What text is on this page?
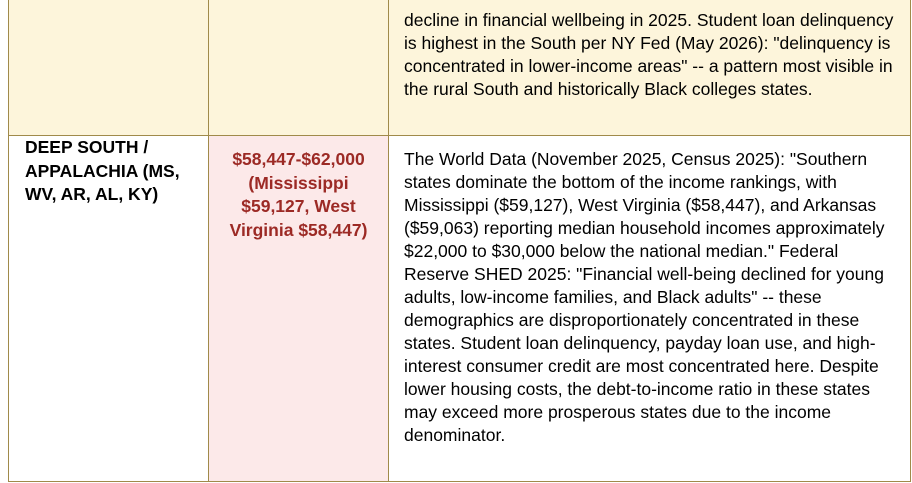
decline in financial wellbeing in 2025. Student loan delinquency is highest in the South per NY Fed (May 2026): "delinquency is concentrated in lower-income areas" -- a pattern most visible in the rural South and historically Black colleges states.

DEEP SOUTH / APPALACHIA (MS, WV, AR, AL, KY)
$58,447-$62,000 (Mississippi $59,127, West Virginia $58,447)

The World Data (November 2025, Census 2025): "Southern states dominate the bottom of the income rankings, with Mississippi ($59,127), West Virginia ($58,447), and Arkansas ($59,063) reporting median household incomes approximately $22,000 to $30,000 below the national median." Federal Reserve SHED 2025: "Financial well-being declined for young adults, low-income families, and Black adults" -- these demographics are disproportionately concentrated in these states. Student loan delinquency, payday loan use, and high-interest consumer credit are most concentrated here. Despite lower housing costs, the debt-to-income ratio in these states may exceed more prosperous states due to the income denominator.
